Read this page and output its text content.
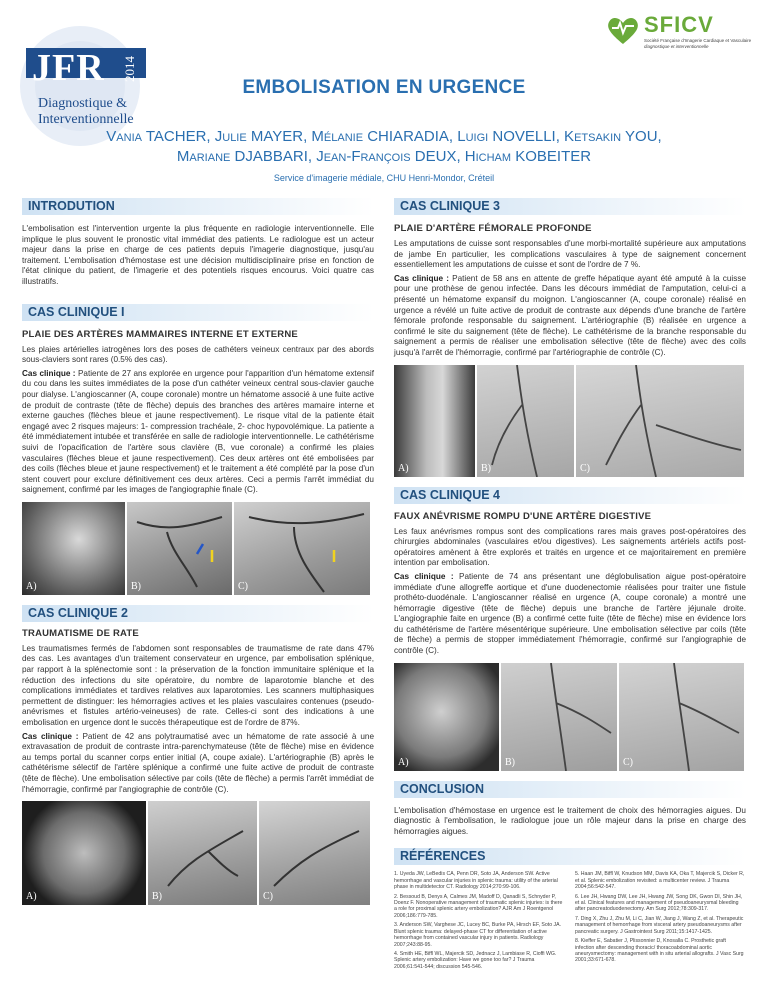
JFR 2014
Diagnostique &
Interventionnelle
SFICV
Société Française d'Imagerie Cardiaque et Vasculaire
diagnostique et interventionnelle
EMBOLISATION EN URGENCE
Vania TACHER, Julie MAYER, Mélanie CHIARADIA, Luigi NOVELLI, Ketsakin YOU,
Mariane DJABBARI, Jean-François DEUX, Hicham KOBEITER
Service d'imagerie médiale, CHU Henri-Mondor, Créteil
INTRODUTION
L'embolisation est l'intervention urgente la plus fréquente en radiologie interventionnelle. Elle implique le plus souvent le pronostic vital immédiat des patients. Le radiologue est un acteur majeur dans la prise en charge de ces patients depuis l'imagerie diagnostique, jusqu'au traitement. L'embolisation d'hémostase est une décision multidisciplinaire prise en fonction de l'état clinique du patient, de l'imagerie et des potentiels risques encourus. Voici quatre cas illustratifs.
CAS CLINIQUE I
PLAIE DES ARTÈRES MAMMAIRES INTERNE ET EXTERNE
Les plaies artérielles iatrogènes lors des poses de cathéters veineux centraux par des abords sous-claviers sont rares (0.5% des cas).
Cas clinique : Patiente de 27 ans explorée en urgence pour l'apparition d'un hématome extensif du cou dans les suites immédiates de la pose d'un cathéter veineux central sous-clavier gauche pour dialyse. L'angioscanner (A, coupe coronale) montre un hématome associé à une fuite active de produit de contraste (tête de flèche) depuis des branches des artères mamaire interne et externe gauches (flèches bleue et jaune respectivement). Le risque vital de la patiente était engagé avec 2 risques majeurs: 1- compression trachéale, 2- choc hypovolémique. La patiente a été immédiatement intubée et transférée en salle de radiologie interventionnelle. Le cathétérisme suivi de l'opacification de l'artère sous clavière (B, vue coronale) a confirmé les plaies vasculaires (flèches bleue et jaune respectivement). Ces deux artères ont été embolisées par des coils (flèches bleue et jaune respectivement) et le traitement a été complété par la pose d'un stent couvert pour exclure définitivement ces deux artères. Ceci a permis l'arrêt immédiat du saignement, confirmé par les images de l'angiographie finale (C).
A)	B)	C)
CAS CLINIQUE 2
TRAUMATISME DE RATE
Les traumatismes fermés de l'abdomen sont responsables de traumatisme de rate dans 47% des cas. Les avantages d'un traitement conservateur en urgence, par embolisation splénique, par rapport à la splénectomie sont : la préservation de la fonction immunitaire splénique et la réduction des infections du site opératoire, du nombre de laparotomie blanche et des complications immédiates et tardives relatives aux laparotomies. Les scanners multiphasiques permettent de distinguer: les hémorragies actives et les plaies vasculaires contenues (pseudo-anévrismes et fistules artério-veineuses) de rate. Celles-ci sont des indications à une embolisation en urgence dont le succès thérapeutique est de l'ordre de 87%.
Cas clinique : Patient de 42 ans polytraumatisé avec un hématome de rate associé à une extravasation de produit de contraste intra-parenchymateuse (tête de flèche) mise en évidence au temps portal du scanner corps entier initial (A, coupe axiale). L'artériographie (B) après le cathétérisme sélectif de l'artère splénique a confirmé une fuite active de produit de contraste (tête de flèche). Une embolisation sélective par coils (tête de flèche) a permis l'arrêt immédiat de l'hémorragie, confirmé par l'angiographie de contrôle (C).
A)	B)	C)
CAS CLINIQUE 3
PLAIE D'ARTÈRE FÉMORALE PROFONDE
Les amputations de cuisse sont responsables d'une morbi-mortalité supérieure aux amputations de jambe En particulier, les complications vasculaires à type de saignement concernent essentiellement les amputations de cuisse et sont de l'ordre de 7 %.
Cas clinique : Patient de 58 ans en attente de greffe hépatique ayant été amputé à la cuisse pour une prothèse de genou infectée. Dans les décours immédiat de l'amputation, celui-ci a présenté un hématome expansif du moignon. L'angioscanner (A, coupe coronale) réalisé en urgence a révélé un fuite active de produit de contraste aux dépends d'une branche de l'artère fémorale profonde responsable du saignement. L'artériographie (B) réalisée en urgence a confirmé le site du saignement (tête de flèche). Le cathétérisme de la branche responsable du saignement a permis de réaliser une embolisation sélective (tête de flèche) avec des coils jusqu'à l'arrêt de l'hémorragie, confirmé par l'artériographie de contrôle (C).
A)	B)	C)
CAS CLINIQUE 4
FAUX ANÉVRISME ROMPU D'UNE ARTÈRE DIGESTIVE
Les faux anévrismes rompus sont des complications rares mais graves post-opératoires des chirurgies abdominales (vasculaires et/ou digestives). Les saignements artériels actifs post-opératoires amènent à être explorés et traités en urgence et ce majoritairement en première intention par embolisation.
Cas clinique : Patiente de 74 ans présentant une déglobulisation aigue post-opératoire immédiate d'une allogreffe aortique et d'une duodenectomie réalisées pour traiter une fistule prothéto-duodénale. L'angioscanner réalisé en urgence (A, coupe coronale) a montré une hémorragie digestive (tête de flèche) depuis une branche de l'artère jéjunale droite. L'angiographie faite en urgence (B) a confirmé cette fuite (tête de flèche) mise en évidence lors du cathétérisme de l'artère mésentérique supérieure. Une embolisation sélective par coils (tête de flèche) a permis de stopper immédiatement l'hémorragie, confirmé sur l'angiographie de contrôle (C).
A)	B)	C)
CONCLUSION
L'embolisation d'hémostase en urgence est le traitement de choix des hémorragies aigues. Du diagnostic à l'embolisation, le radiologue joue un rôle majeur dans la prise en charge des hémorragies aigues.
RÉFÉRENCES

1. Uyeda JW, LeBedis CA, Penn DR, Soto JA, Anderson SW. Active hemorrhage and vascular injuries in splenic trauma: utility of the arterial phase in multidetector CT. Radiology 2014;270:99-106.

2. Bessoud B, Denys A, Calmes JM, Madoff D, Qanadli S, Schnyder P, Doenz F. Nonoperative management of traumatic splenic injuries: is there a role for proximal splenic artery embolization? AJR Am J Roentgenol 2006;186:779-785.

3. Anderson SW, Varghese JC, Lucey BC, Burke PA, Hirsch EF, Soto JA. Blunt splenic trauma: delayed-phase CT for differentiation of active hemorrhage from contained vascular injury in patients. Radiology 2007;243:88-95.

4. Smith HE, Biffl WL, Majercik SD, Jednacz J, Lambiase R, Cioffi WG. Splenic artery embolization: Have we gone too far? J Trauma 2006;61:541-544; discussion 545-546.

5. Haan JM, Biffl W, Knudson MM, Davis KA, Oka T, Majercik S, Dicker R, et al. Splenic embolization revisited: a multicenter review. J Trauma 2004;56:542-547.

6. Lee JH, Hwang DW, Lee JH, Hwang JW, Song DK, Gwon DI, Shin JH, et al. Clinical features and management of pseudoaneurysmal bleeding after pancreatoduodenectomy. Am Surg 2012;78:309-317.

7. Ding X, Zhu J, Zhu M, Li C, Jian W, Jiang J, Wang Z, et al. Therapeutic management of hemorrhage from visceral artery pseudoaneurysms after pancreatic surgery. J Gastrointest Surg 2011;15:1417-1425.

8. Kieffer E, Sabatier J, Plissonnier D, Knosalla C. Prosthetic graft infection after descending thoracic/ thoracoabdominal aortic aneurysmectomy: management with in situ arterial allografts. J Vasc Surg 2001;33:671-678.
